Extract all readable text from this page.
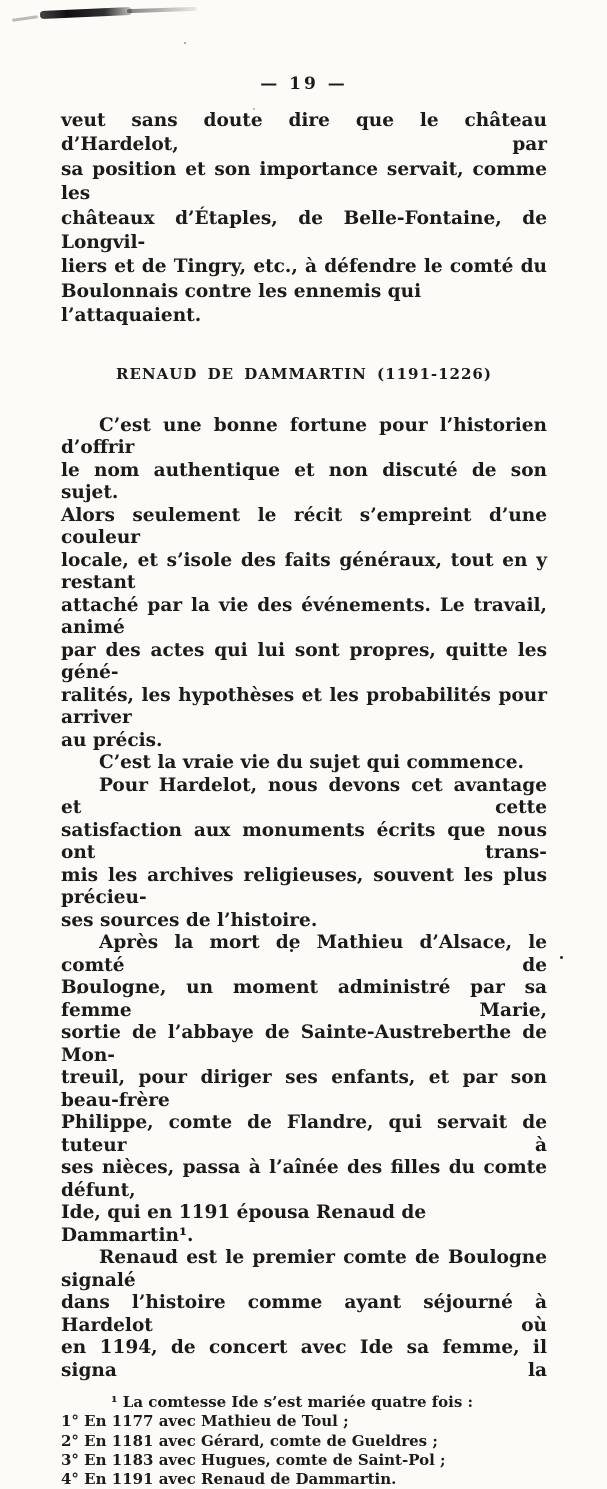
— 19 —
veut sans doute dire que le château d’Hardelot, par
sa position et son importance servait, comme les
châteaux d’Étaples, de Belle-Fontaine, de Longvil-
liers et de Tingry, etc., à défendre le comté du
Boulonnais contre les ennemis qui l’attaquaient.
RENAUD DE DAMMARTIN (1191-1226)
C’est une bonne fortune pour l’historien d’offrir
le nom authentique et non discuté de son sujet.
Alors seulement le récit s’empreint d’une couleur
locale, et s’isole des faits généraux, tout en y restant
attaché par la vie des événements. Le travail, animé
par des actes qui lui sont propres, quitte les géné-
ralités, les hypothèses et les probabilités pour arriver
au précis.
C’est la vraie vie du sujet qui commence.
Pour Hardelot, nous devons cet avantage et cette
satisfaction aux monuments écrits que nous ont trans-
mis les archives religieuses, souvent les plus précieu-
ses sources de l’histoire.
Après la mort de Mathieu d’Alsace, le comté de
Boulogne, un moment administré par sa femme Marie,
sortie de l’abbaye de Sainte-Austreberthe de Mon-
treuil, pour diriger ses enfants, et par son beau-frère
Philippe, comte de Flandre, qui servait de tuteur à
ses nièces, passa à l’aînée des filles du comte défunt,
Ide, qui en 1191 épousa Renaud de Dammartin¹.
Renaud est le premier comte de Boulogne signalé
dans l’histoire comme ayant séjourné à Hardelot où
en 1194, de concert avec Ide sa femme, il signa la
¹ La comtesse Ide s’est mariée quatre fois :
1° En 1177 avec Mathieu de Toul ;
2° En 1181 avec Gérard, comte de Gueldres ;
3° En 1183 avec Hugues, comte de Saint-Pol ;
4° En 1191 avec Renaud de Dammartin.
